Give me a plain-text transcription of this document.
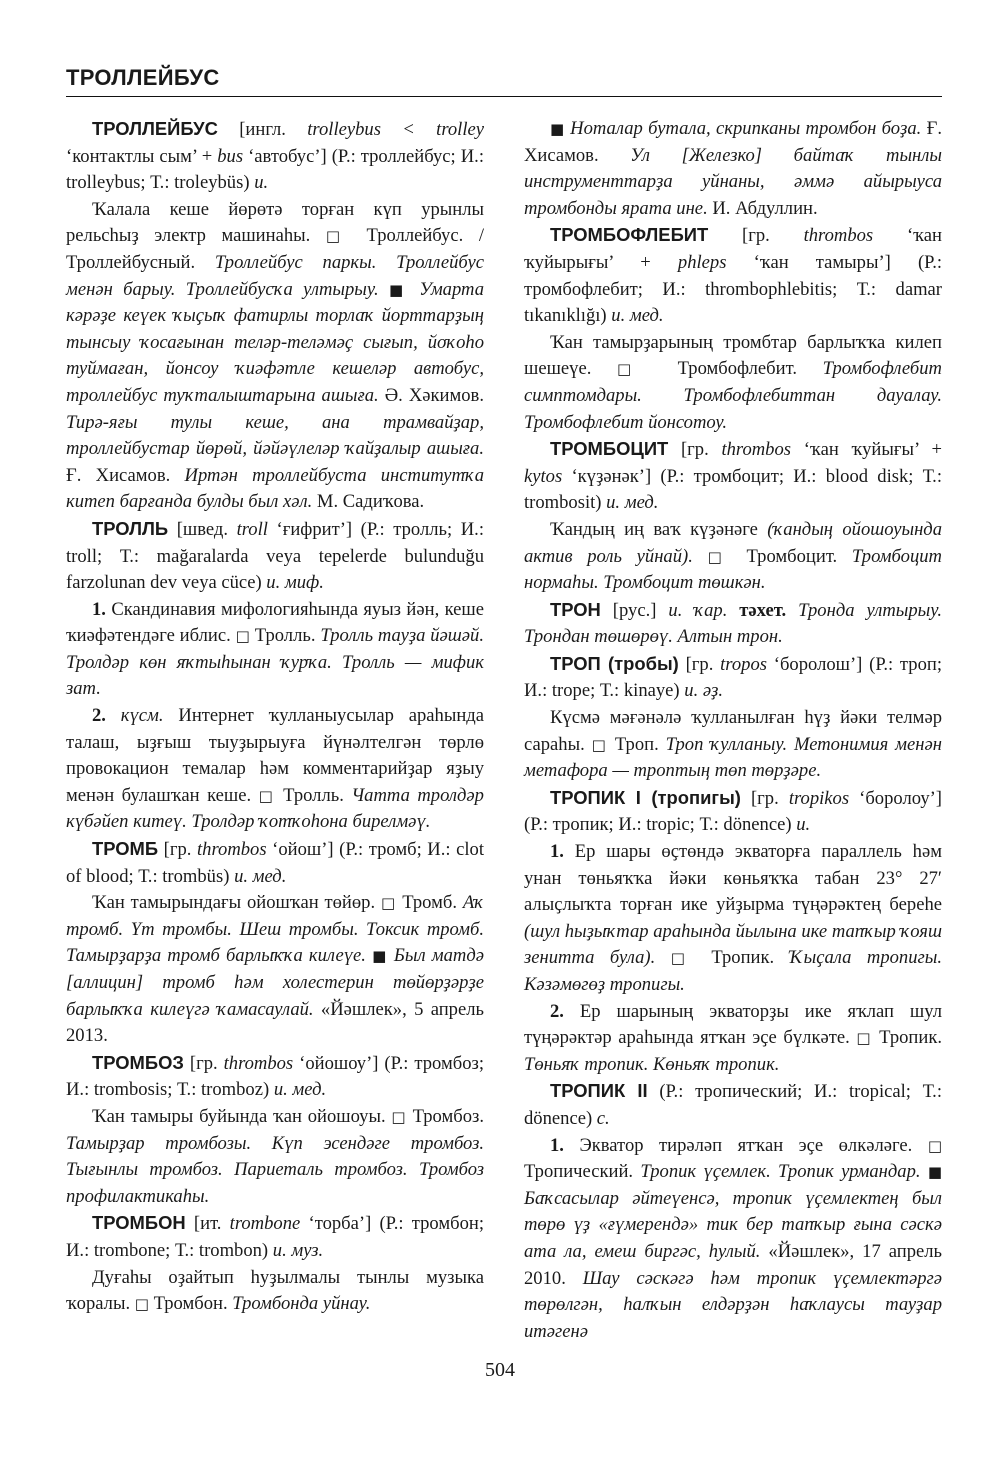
ТРОЛЛЕЙБУС

ТРОЛЛЕЙБУС [ингл. trolleybus < trolley ‘контактлы сым’ + bus ‘автобус’] (Р.: троллейбус; И.: trolleybus; Т.: troleybüs) и.

Ҡалала кеше йөрөтә торған күп урынлы рельсһыҙ электр машинаһы. □ Троллейбус. / Троллейбусный. Троллейбус паркы. Троллейбус менән барыу. Троллейбусҡа ултырыу. ■ Умарта кәрәҙе кеүек ҡыҫыҡ фатирлы торлаҡ йорттарҙың тынсыу ҡосағынан теләр-теләмәҫ сығып, йоҡоһо туймаған, йонсоу ҡиәфәтле кешеләр автобус, троллейбус туҡталыштарына ашыға. Ә. Хәкимов. Тирә-яғы тулы кеше, ана трамвайҙар, троллейбустар йөрөй, йәйәүлеләр ҡайҙалыр ашыға. Ғ. Хисамов. Иртән троллейбуста институтҡа китеп барғанда булды был хәл. М. Садиҡова.

ТРОЛЛЬ [швед. troll ‘ғифрит’] (Р.: тролль; И.: troll; Т.: mağaralarda veya tepelerde bulunduğu farzolunan dev veya cüce) и. миф.

1. Скандинавия мифологияһында яуыз йән, кеше ҡиәфәтендәге иблис. □ Тролль. Тролль тауҙа йәшәй. Тролдәр көн яҡтыһынан ҡурҡа. Тролль — мифик зат.

2. күсм. Интернет ҡулланыусылар араһында талаш, ыҙғыш тыуҙырыуға йүнәлтелгән төрлө провокацион темалар һәм комментарийҙар яҙыу менән булашҡан кеше. □ Тролль. Чатта тролдәр күбәйеп китеү. Тролдәр ҡотҡоһона бирелмәү.

ТРОМБ [гр. thrombos ‘ойош’] (Р.: тромб; И.: clot of blood; Т.: trombüs) и. мед.

Ҡан тамырындағы ойошҡан төйөр. □ Тромб. Аҡ тромб. Үт тромбы. Шеш тромбы. Токсик тромб. Тамырҙарҙа тромб барлыҡҡа килеүе. ■ Был матдә [аллицин] тромб һәм холестерин төйөрҙәрҙе барлыҡҡа килеүгә ҡамасаулай. «Йәшлек», 5 апрель 2013.

ТРОМБОЗ [гр. thrombos ‘ойошоу’] (Р.: тромбоз; И.: trombosis; Т.: tromboz) и. мед.

Ҡан тамыры буйында ҡан ойошоуы. □ Тромбоз. Тамырҙар тромбозы. Күп эсендәге тромбоз. Тығынлы тромбоз. Париеталь тромбоз. Тромбоз профилактикаһы.

ТРОМБОН [ит. trombone ‘торба’] (Р.: тромбон; И.: trombone; Т.: trombon) и. муз.

Дуғаһы оҙайтып һуҙылмалы тынлы музыка ҡоралы. □ Тромбон. Тромбонда уйнау.

■ Ноталар бутала, скрипканы тромбон боҙа. Ғ. Хисамов. Ул [Железко] байтаҡ тынлы инструменттарҙа уйнаны, әммә айырыуса тромбонды ярата ине. И. Абдуллин.

ТРОМБОФЛЕБИТ [гр. thrombos ‘ҡан ҡуйырығы’ + phleps ‘ҡан тамыры’] (Р.: тромбофлебит; И.: thrombophlebitis; Т.: damar tıkanıklığı) и. мед.

Ҡан тамырҙарының тромбтар барлыҡҡа килеп шешеүе. □ Тромбофлебит. Тромбофлебит симптомдары. Тромбофлебиттан дауалау. Тромбофлебит йонсотоу.

ТРОМБОЦИТ [гр. thrombos ‘ҡан ҡуйығы’ + kytos ‘күҙәнәк’] (Р.: тромбоцит; И.: blood disk; Т.: trombosit) и. мед.

Ҡандың иң ваҡ күҙәнәге (ҡандың ойошоуында актив роль уйнай). □ Тромбоцит. Тромбоцит нормаһы. Тромбоцит төшкән.

ТРОН [рус.] и. ҡар. тәхет. Тронда ултырыу. Трондан төшөрөү. Алтын трон.

ТРОП (тробы) [гр. tropos ‘боролош’] (Р.: троп; И.: trope; Т.: kinaye) и. әҙ.

Күсмә мәғәнәлә ҡулланылған һүҙ йәки телмәр сараһы. □ Троп. Троп ҡулланыу. Метонимия менән метафора — троптың төп төрҙәре.

ТРОПИК I (тропигы) [гр. tropikos ‘боролоу’] (Р.: тропик; И.: tropic; Т.: dönence) и.

1. Ер шары өҫтөндә экваторға параллель һәм унан төньяҡҡа йәки көньяҡҡа табан 23° 27′ алыҫлыҡта торған ике уйҙырма түңәрәктең береһе (шул һыҙыҡтар араһында йылына ике тапҡыр ҡояш зенитта була). □ Тропик. Ҡыҫала тропигы. Кәзәмөгөҙ тропигы.

2. Ер шарының экваторҙы ике яҡлап шул түңәрәктәр араһында ятҡан эҫе бүлкәте. □ Тропик. Төньяҡ тропик. Көньяҡ тропик.

ТРОПИК II (Р.: тропический; И.: tropical; Т.: dönence) с.

1. Экватор тирәләп ятҡан эҫе өлкәләге. □ Тропический. Тропик үҫемлек. Тропик урмандар. ■ Баҡсасылар әйтеүенсә, тропик үҫемлектең был төрө үҙ «ғүмерендә» тик бер тапҡыр ғына сәскә ата ла, емеш биргәс, һулый. «Йәшлек», 17 апрель 2010. Шау сәскәгә һәм тропик үҫемлектәргә төрөлгән, һалҡын елдәрҙән һаҡлаусы тауҙар итәгенә

504
